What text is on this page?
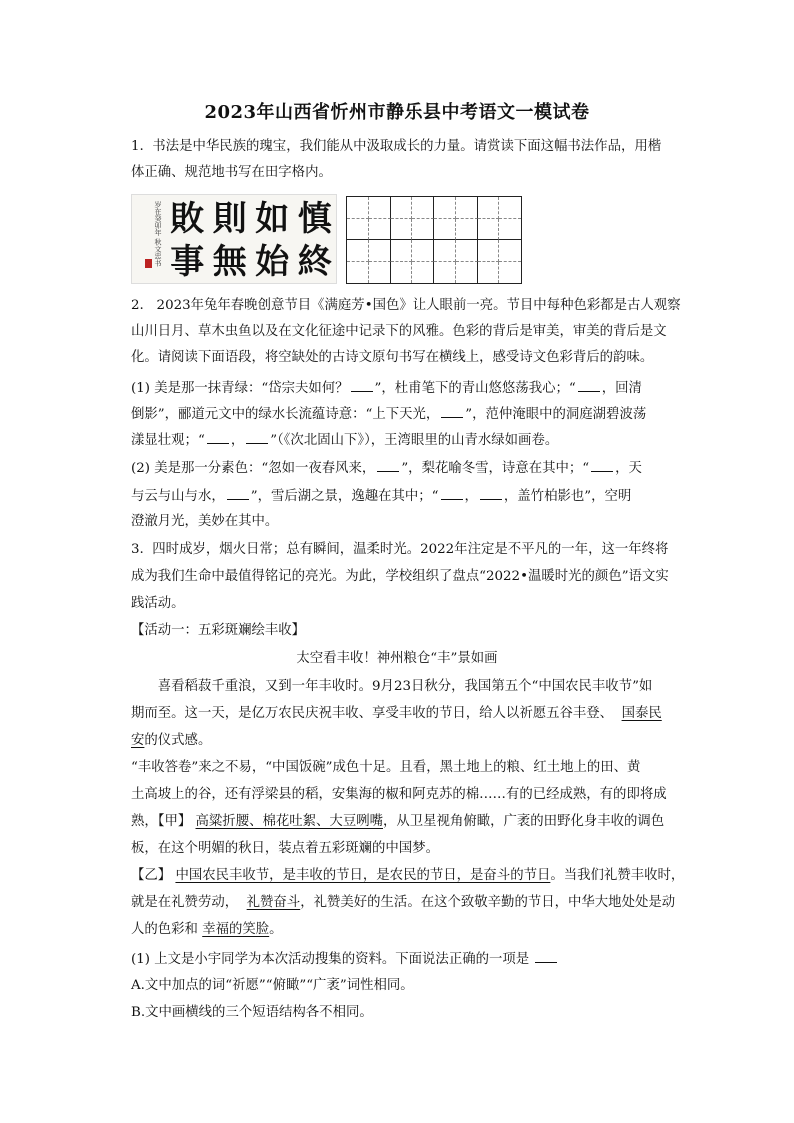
2023年山西省忻州市静乐县中考语文一模试卷
1.  书法是中华民族的瑰宝，我们能从中汲取成长的力量。请赏读下面这幅书法作品，用楷
体正确、规范地书写在田字格内。
岁在癸卯年 秋文忠书 敗 則 如 慎
事 無 始 終
2.   2023年兔年春晚创意节目《满庭芳•国色》让人眼前一亮。节目中每种色彩都是古人观察
山川日月、草木虫鱼以及在文化征途中记录下的风雅。色彩的背后是审美，审美的背后是文
化。请阅读下面语段，将空缺处的古诗文原句书写在横线上，感受诗文色彩背后的韵味。
(1) 美是那一抹青绿：“岱宗夫如何？ ”，杜甫笔下的青山悠悠荡我心；“ ，回清
倒影”，郦道元文中的绿水长流蕴诗意：“上下天光， ”，范仲淹眼中的洞庭湖碧波荡
漾显壮观；“ ， ”（《次北固山下》），王湾眼里的山青水绿如画卷。
(2) 美是那一分素色：“忽如一夜春风来， ”，梨花喻冬雪，诗意在其中；“ ，天
与云与山与水， ”，雪后湖之景，逸趣在其中；“ ， ，盖竹柏影也”，空明
澄澈月光，美妙在其中。
3.  四时成岁，烟火日常；总有瞬间，温柔时光。2022年注定是不平凡的一年，这一年终将
成为我们生命中最值得铭记的亮光。为此，学校组织了盘点“2022•温暖时光的颜色”语文实
践活动。
【活动一：五彩斑斓绘丰收】
太空看丰收！神州粮仓“丰”景如画
　　喜看稻菽千重浪，又到一年丰收时。9月23日秋分，我国第五个“中国农民丰收节”如
期而至。这一天，是亿万农民庆祝丰收、享受丰收的节日，给人以祈愿五谷丰登、 国泰民
安的仪式感。
“丰收答卷”来之不易，“中国饭碗”成色十足。且看，黑土地上的粮、红土地上的田、黄
土高坡上的谷，还有浮梁县的稻，安集海的椒和阿克苏的棉……有的已经成熟，有的即将成
熟，【甲】 高粱折腰、棉花吐絮、大豆咧嘴，从卫星视角俯瞰，广袤的田野化身丰收的调色
板，在这个明媚的秋日，装点着五彩斑斓的中国梦。
【乙】 中国农民丰收节，是丰收的节日，是农民的节日，是奋斗的节日。当我们礼赞丰收时，
就是在礼赞劳动， 礼赞奋斗，礼赞美好的生活。在这个致敬辛勤的节日，中华大地处处是动
人的色彩和 幸福的笑脸。
(1) 上文是小宇同学为本次活动搜集的资料。下面说法正确的一项是
A.文中加点的词“祈愿”“俯瞰”“广袤”词性相同。
B.文中画横线的三个短语结构各不相同。
